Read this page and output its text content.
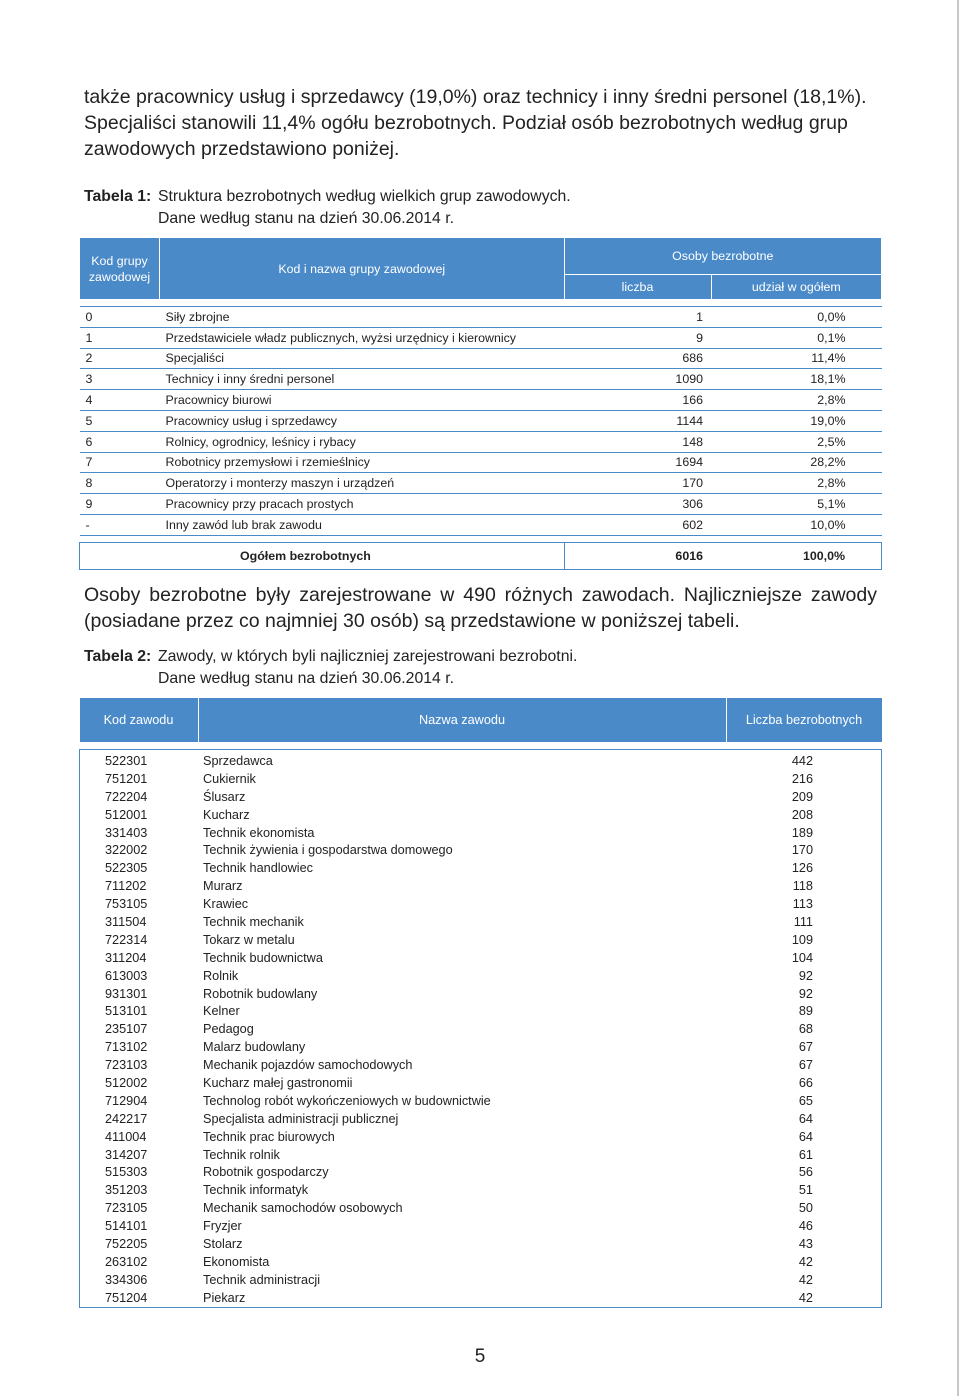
także pracownicy usług i sprzedawcy (19,0%) oraz technicy i inny średni personel (18,1%).
Specjaliści stanowili 11,4% ogółu bezrobotnych. Podział osób bezrobotnych według grup
zawodowych przedstawiono poniżej.
Tabela 1: Struktura bezrobotnych według wielkich grup zawodowych.
Dane według stanu na dzień 30.06.2014 r.
Kod grupy zawodowej	Kod i nazwa grupy zawodowej	Osoby bezrobotne	
		liczba	udział w ogółem

0	Siły zbrojne	1	0,0%
1	Przedstawiciele władz publicznych, wyżsi urzędnicy i kierownicy	9	0,1%
2	Specjaliści	686	11,4%
3	Technicy i inny średni personel	1090	18,1%
4	Pracownicy biurowi	166	2,8%
5	Pracownicy usług i sprzedawcy	1144	19,0%
6	Rolnicy, ogrodnicy, leśnicy i rybacy	148	2,5%
7	Robotnicy przemysłowi i rzemieślnicy	1694	28,2%
8	Operatorzy i monterzy maszyn i urządzeń	170	2,8%
9	Pracownicy przy pracach prostych	306	5,1%
-	Inny zawód lub brak zawodu	602	10,0%

Ogółem bezrobotnych		6016	100,0%
Osoby bezrobotne były zarejestrowane w 490 różnych zawodach. Najliczniejsze zawody (posiadane przez co najmniej 30 osób) są przedstawione w poniższej tabeli.
Tabela 2: Zawody, w których byli najliczniej zarejestrowani bezrobotni.
Dane według stanu na dzień 30.06.2014 r.
Kod zawodu	Nazwa zawodu	Liczba bezrobotnych

522301	Sprzedawca	442
751201	Cukiernik	216
722204	Ślusarz	209
512001	Kucharz	208
331403	Technik ekonomista	189
322002	Technik żywienia i gospodarstwa domowego	170
522305	Technik handlowiec	126
711202	Murarz	118
753105	Krawiec	113
311504	Technik mechanik	111
722314	Tokarz w metalu	109
311204	Technik budownictwa	104
613003	Rolnik	92
931301	Robotnik budowlany	92
513101	Kelner	89
235107	Pedagog	68
713102	Malarz budowlany	67
723103	Mechanik pojazdów samochodowych	67
512002	Kucharz małej gastronomii	66
712904	Technolog robót wykończeniowych w budownictwie	65
242217	Specjalista administracji publicznej	64
411004	Technik prac biurowych	64
314207	Technik rolnik	61
515303	Robotnik gospodarczy	56
351203	Technik informatyk	51
723105	Mechanik samochodów osobowych	50
514101	Fryzjer	46
752205	Stolarz	43
263102	Ekonomista	42
334306	Technik administracji	42
751204	Piekarz	42
5
